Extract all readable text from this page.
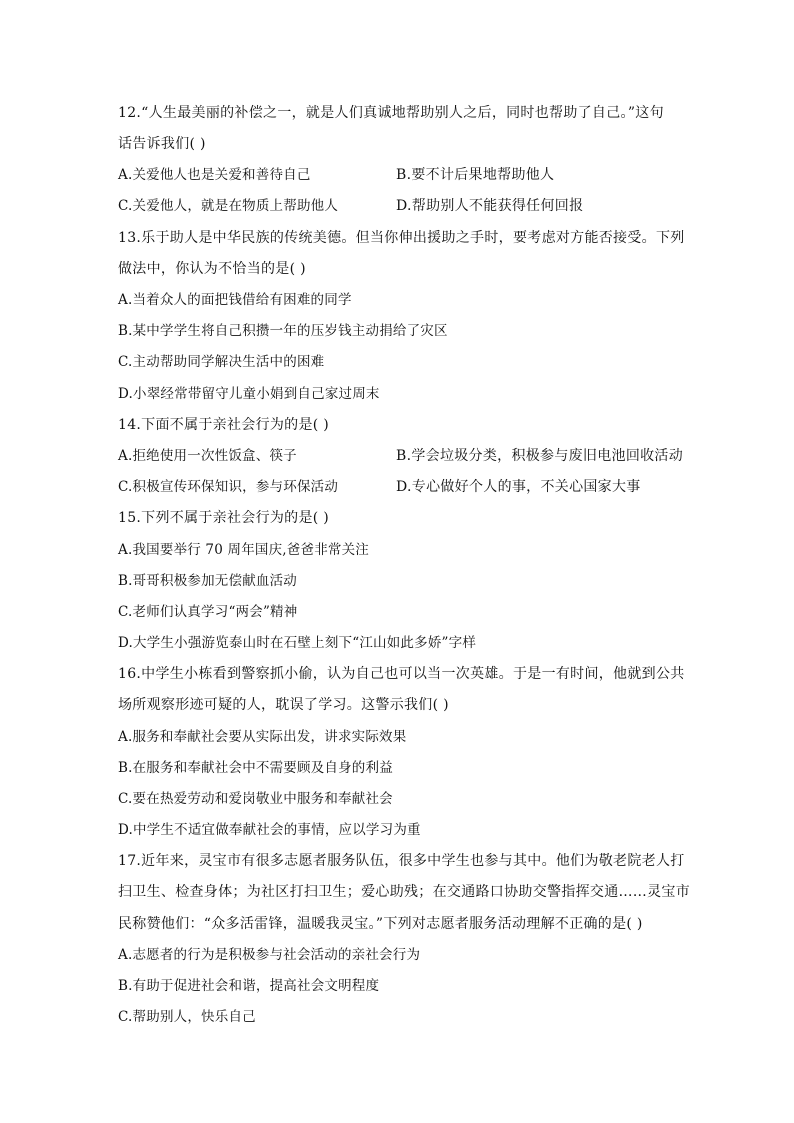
12.“人生最美丽的补偿之一，就是人们真诚地帮助别人之后，同时也帮助了自己。”这句
话告诉我们( )
A.关爱他人也是关爱和善待自己	B.要不计后果地帮助他人
C.关爱他人，就是在物质上帮助他人	D.帮助别人不能获得任何回报
13.乐于助人是中华民族的传统美德。但当你伸出援助之手时，要考虑对方能否接受。下列
做法中，你认为不恰当的是( )
A.当着众人的面把钱借给有困难的同学
B.某中学学生将自己积攒一年的压岁钱主动捐给了灾区
C.主动帮助同学解决生活中的困难
D.小翠经常带留守儿童小娟到自己家过周末
14.下面不属于亲社会行为的是( )
A.拒绝使用一次性饭盒、筷子	B.学会垃圾分类，积极参与废旧电池回收活动
C.积极宣传环保知识，参与环保活动	D.专心做好个人的事，不关心国家大事
15.下列不属于亲社会行为的是( )
A.我国要举行 70 周年国庆,爸爸非常关注
B.哥哥积极参加无偿献血活动
C.老师们认真学习“两会”精神
D.大学生小强游览泰山时在石壁上刻下“江山如此多娇”字样
16.中学生小栋看到警察抓小偷，认为自己也可以当一次英雄。于是一有时间，他就到公共
场所观察形迹可疑的人，耽误了学习。这警示我们( )
A.服务和奉献社会要从实际出发，讲求实际效果
B.在服务和奉献社会中不需要顾及自身的利益
C.要在热爱劳动和爱岗敬业中服务和奉献社会
D.中学生不适宜做奉献社会的事情，应以学习为重
17.近年来，灵宝市有很多志愿者服务队伍，很多中学生也参与其中。他们为敬老院老人打
扫卫生、检查身体；为社区打扫卫生；爱心助残；在交通路口协助交警指挥交通……灵宝市
民称赞他们：“众多活雷锋，温暖我灵宝。”下列对志愿者服务活动理解不正确的是( )
A.志愿者的行为是积极参与社会活动的亲社会行为
B.有助于促进社会和谐，提高社会文明程度
C.帮助别人，快乐自己
